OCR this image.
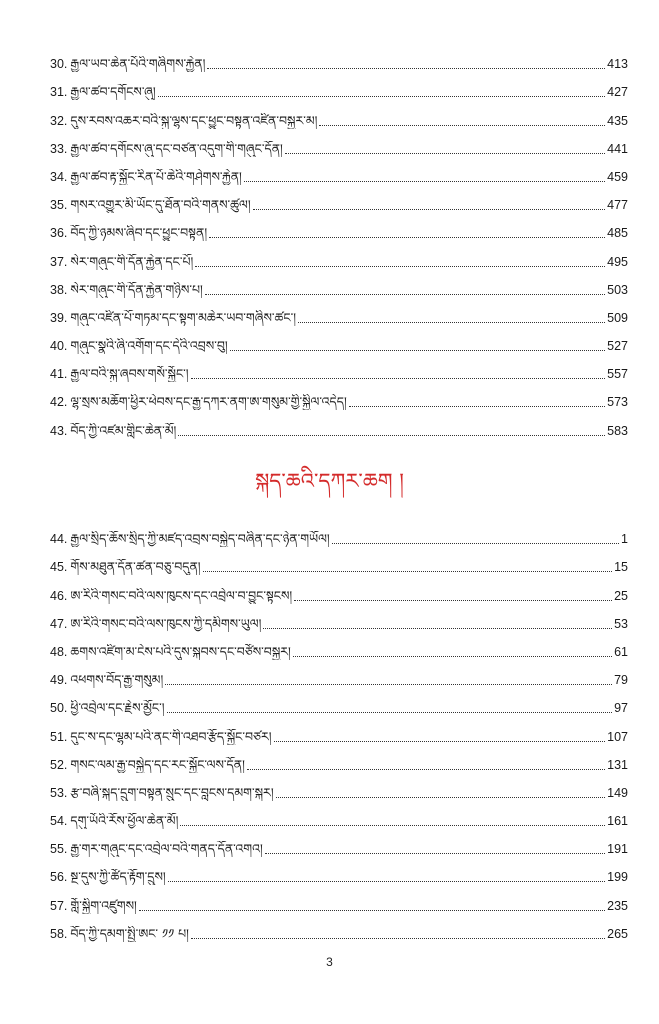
30. རྒྱལ་ཡབ་ཆེན་པོའི་གཞིགས་རྐྱེན།	413
31. རྒྱལ་ཚབ་དགོངས་ཞུ།	427
32. དུས་རབས་འཆར་བའི་སྐུ་ལྷས་དང་ཕྱུང་བསྟན་འཛིན་བསྐྱར་མ།	435
33. རྒྱལ་ཚབ་དགོངས་ཞུ་དང་བཙན་འདུག་གི་གཞུང་དོན།	441
34. རྒྱལ་ཚབ་རྟ་སྐྱོང་རིན་པོ་ཆེའི་གཤེགས་རྐྱེན།	459
35. གསར་འགྱུར་མི་ཡོང་དུ་ཐོན་བའི་གནས་ཚུལ།	477
36. བོད་ཀྱི་ཉམས་ཞིབ་དང་ཕྱུང་བསྟན།	485
37. སེར་གཞུང་གི་དོན་རྐྱེན་དང་པོ།	495
38. སེར་གཞུང་གི་དོན་རྐྱེན་གཉིས་པ།	503
39. གཞུང་འཛིན་པོ་གཏམ་དང་སྟག་མཆེར་ཡབ་གཞིས་ཚང་།	509
40. གཞུང་སྣའི་ཞི་འགོག་དང་དེའི་འབྲས་བུ།	527
41. རྒྱལ་བའི་སྐུ་ཞབས་གསོ་སྐྱོང་།	557
42. ལྷ་སྲས་མཆོག་ཕྱིར་ཕེབས་དང་རྒྱ་དཀར་ནག་ཨ་གསུམ་གྱི་སྐྱིལ་འདེད།	573
43. བོད་ཀྱི་འཛམ་གླིང་ཆེན་མོ།	583
སྐད་ཆའི་དཀར་ཆག །
44. རྒྱལ་སྲིད་ཆོས་སྲིད་ཀྱི་མཛད་འབྲས་བསྐྱེད་བཞིན་དང་ཉེན་གཡོལ།	1
45. གོས་མཐུན་དོན་ཚན་བཅུ་བདུན།	15
46. ཨ་རིའི་གསང་བའི་ལས་ཁུངས་དང་འབྲེལ་བ་བྱུང་སྟངས།	25
47. ཨ་རིའི་གསང་བའི་ལས་ཁུངས་ཀྱི་དམིགས་ཡུལ།	53
48. ཆགས་འཛིག་མ་ངེས་པའི་དུས་སྐབས་དང་བཙོས་བསྐྱར།	61
49. འཕགས་བོད་རྒྱ་གསུམ།	79
50. ཕྱི་འབྲེལ་དང་རྗེས་མྱོང་།	97
51. དུང་ས་དང་ལྷམ་པའི་ནང་གི་འཐབ་རྩོད་སྐྱོང་བཙར།	107
52. གསང་ལམ་རྒྱ་བསྐྱེད་དང་རང་སྐྱོང་ལས་དོན།	131
53. རྩ་བཞི་སྐད་དྲུག་བསྟན་སྲུང་དང་བླངས་དམག་སྐར།	149
54. དགུ་ཡོའི་རོས་ཕྱོལ་ཆེན་མོ།	161
55. རྒྱ་གར་གཞུང་དང་འབྲེལ་བའི་གནད་དོན་འགའ།	191
56. སྔ་དུས་ཀྱི་ཚོད་རྟོག་དྲུས།	199
57. གློ་སྐྱིག་འཛུགས།	235
58. བོད་ཀྱི་དམག་སྤྱི་ཨང་ ༡༡ པ།	265
3
